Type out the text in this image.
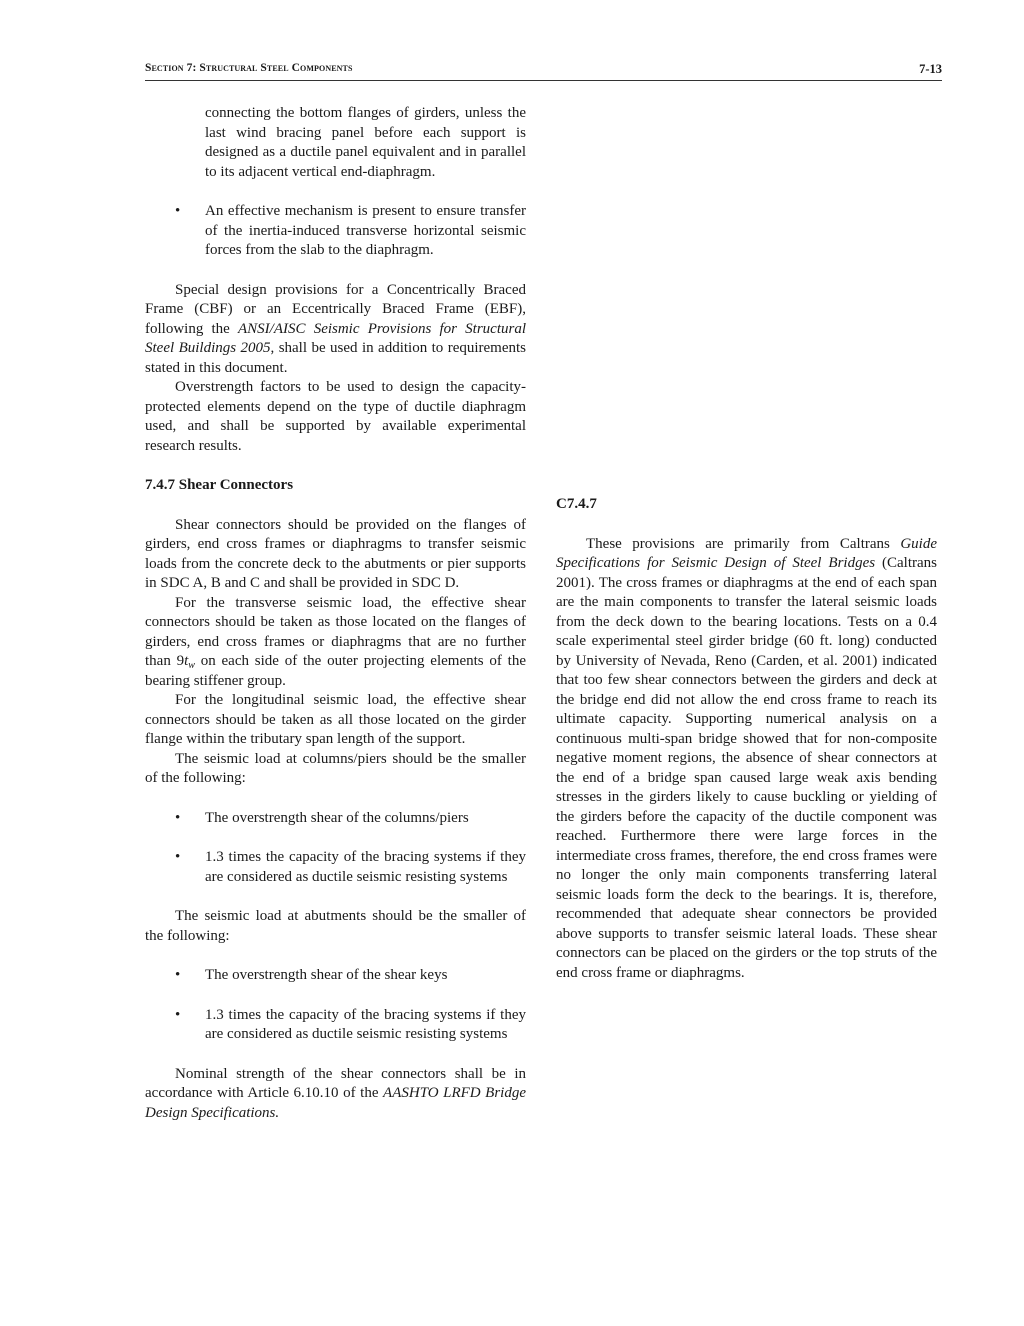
Section 7: Structural Steel Components	7-13

connecting the bottom flanges of girders, unless the last wind bracing panel before each support is designed as a ductile panel equivalent and in parallel to its adjacent vertical end-diaphragm.

• An effective mechanism is present to ensure transfer of the inertia-induced transverse horizontal seismic forces from the slab to the diaphragm.

Special design provisions for a Concentrically Braced Frame (CBF) or an Eccentrically Braced Frame (EBF), following the ANSI/AISC Seismic Provisions for Structural Steel Buildings 2005, shall be used in addition to requirements stated in this document.

Overstrength factors to be used to design the capacity-protected elements depend on the type of ductile diaphragm used, and shall be supported by available experimental research results.

7.4.7 Shear Connectors

Shear connectors should be provided on the flanges of girders, end cross frames or diaphragms to transfer seismic loads from the concrete deck to the abutments or pier supports in SDC A, B and C and shall be provided in SDC D.

For the transverse seismic load, the effective shear connectors should be taken as those located on the flanges of girders, end cross frames or diaphragms that are no further than $9t_w$ on each side of the outer projecting elements of the bearing stiffener group.

For the longitudinal seismic load, the effective shear connectors should be taken as all those located on the girder flange within the tributary span length of the support.

The seismic load at columns/piers should be the smaller of the following:

• The overstrength shear of the columns/piers

• 1.3 times the capacity of the bracing systems if they are considered as ductile seismic resisting systems

The seismic load at abutments should be the smaller of the following:

• The overstrength shear of the shear keys

• 1.3 times the capacity of the bracing systems if they are considered as ductile seismic resisting systems

Nominal strength of the shear connectors shall be in accordance with Article 6.10.10 of the AASHTO LRFD Bridge Design Specifications.

C7.4.7

These provisions are primarily from Caltrans Guide Specifications for Seismic Design of Steel Bridges (Caltrans 2001). The cross frames or diaphragms at the end of each span are the main components to transfer the lateral seismic loads from the deck down to the bearing locations. Tests on a 0.4 scale experimental steel girder bridge (60 ft. long) conducted by University of Nevada, Reno (Carden, et al. 2001) indicated that too few shear connectors between the girders and deck at the bridge end did not allow the end cross frame to reach its ultimate capacity. Supporting numerical analysis on a continuous multi-span bridge showed that for non-composite negative moment regions, the absence of shear connectors at the end of a bridge span caused large weak axis bending stresses in the girders likely to cause buckling or yielding of the girders before the capacity of the ductile component was reached. Furthermore there were large forces in the intermediate cross frames, therefore, the end cross frames were no longer the only main components transferring lateral seismic loads form the deck to the bearings. It is, therefore, recommended that adequate shear connectors be provided above supports to transfer seismic lateral loads. These shear connectors can be placed on the girders or the top struts of the end cross frame or diaphragms.
